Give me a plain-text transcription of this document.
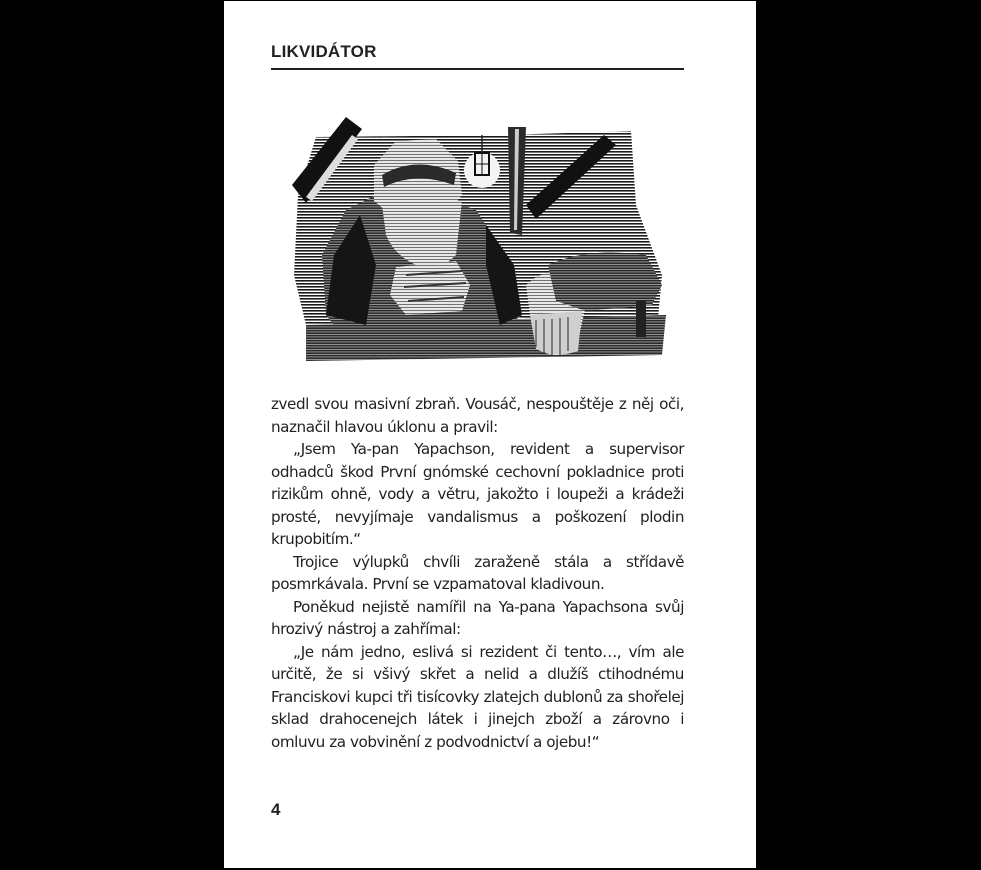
LIKVIDÁTOR

zvedl svou masivní zbraň. Vousáč, nespouštěje z něj oči, naznačil hlavou úklonu a pravil:

„Jsem Ya-pan Yapachson, revident a supervisor odhadců škod První gnómské cechovní pokladnice proti rizikům ohně, vody a větru, jakožto i loupeži a krádeži prosté, nevyjímaje vandalismus a poškození plodin krupobitím.“

Trojice výlupků chvíli zaraženě stála a střídavě posmrkávala. První se vzpamatoval kladivoun.

Poněkud nejistě namířil na Ya-pana Yapachsona svůj hrozivý nástroj a zahřímal:

„Je nám jedno, eslivá si rezident či tento…, vím ale určitě, že si všivý skřet a nelid a dlužíš ctihodnému Franciskovi kupci tři tisícovky zlatejch dublonů za shořelej sklad drahocenejch látek i jinejch zboží a zárovno i omluvu za vobvinění z podvodnictví a ojebu!“

4
